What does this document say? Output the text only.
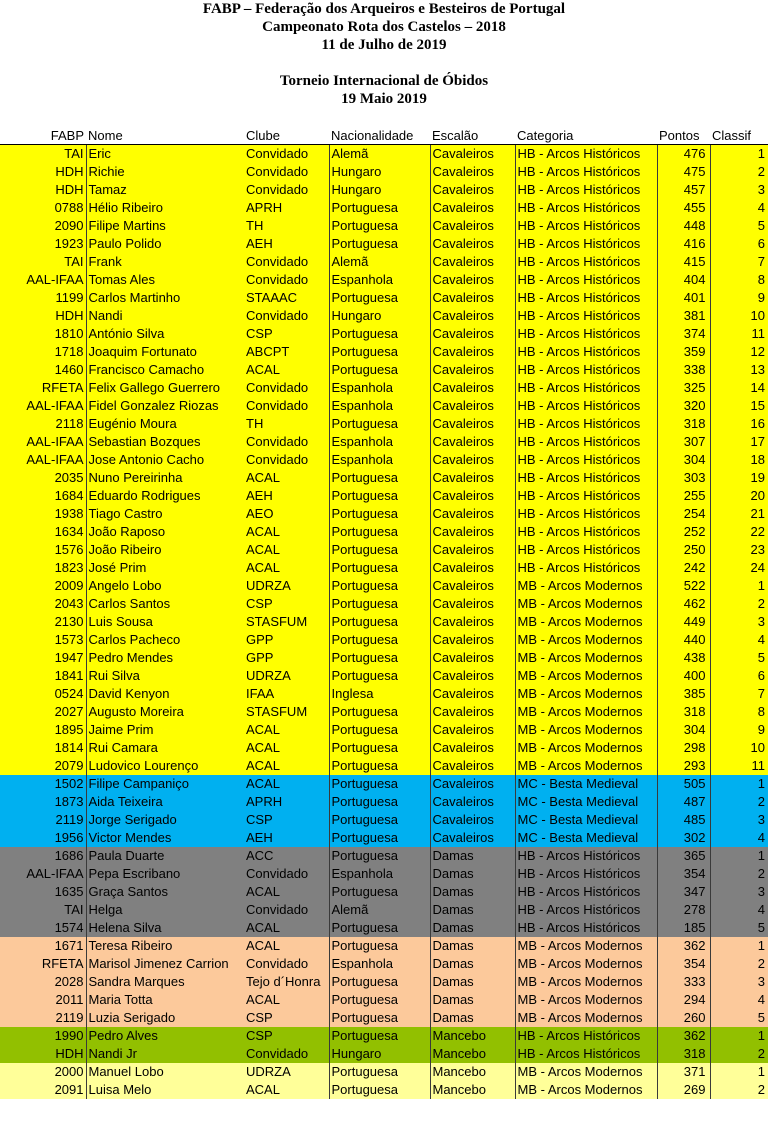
FABP – Federação dos Arqueiros e Besteiros de Portugal
Campeonato Rota dos Castelos – 2018
11 de Julho de 2019
Torneio Internacional de Óbidos
19 Maio 2019
FABP	Nome	Clube	Nacionalidade	Escalão	Categoria	Pontos	Classif
TAI	Eric	Convidado	Alemã	Cavaleiros	HB - Arcos Históricos	476	1
HDH	Richie	Convidado	Hungaro	Cavaleiros	HB - Arcos Históricos	475	2
HDH	Tamaz	Convidado	Hungaro	Cavaleiros	HB - Arcos Históricos	457	3
0788	Hélio Ribeiro	APRH	Portuguesa	Cavaleiros	HB - Arcos Históricos	455	4
2090	Filipe Martins	TH	Portuguesa	Cavaleiros	HB - Arcos Históricos	448	5
1923	Paulo Polido	AEH	Portuguesa	Cavaleiros	HB - Arcos Históricos	416	6
TAI	Frank	Convidado	Alemã	Cavaleiros	HB - Arcos Históricos	415	7
AAL-IFAA	Tomas Ales	Convidado	Espanhola	Cavaleiros	HB - Arcos Históricos	404	8
1199	Carlos Martinho	STAAAC	Portuguesa	Cavaleiros	HB - Arcos Históricos	401	9
HDH	Nandi	Convidado	Hungaro	Cavaleiros	HB - Arcos Históricos	381	10
1810	António Silva	CSP	Portuguesa	Cavaleiros	HB - Arcos Históricos	374	11
1718	Joaquim Fortunato	ABCPT	Portuguesa	Cavaleiros	HB - Arcos Históricos	359	12
1460	Francisco Camacho	ACAL	Portuguesa	Cavaleiros	HB - Arcos Históricos	338	13
RFETA	Felix Gallego Guerrero	Convidado	Espanhola	Cavaleiros	HB - Arcos Históricos	325	14
AAL-IFAA	Fidel Gonzalez Riozas	Convidado	Espanhola	Cavaleiros	HB - Arcos Históricos	320	15
2118	Eugénio Moura	TH	Portuguesa	Cavaleiros	HB - Arcos Históricos	318	16
AAL-IFAA	Sebastian Bozques	Convidado	Espanhola	Cavaleiros	HB - Arcos Históricos	307	17
AAL-IFAA	Jose Antonio Cacho	Convidado	Espanhola	Cavaleiros	HB - Arcos Históricos	304	18
2035	Nuno Pereirinha	ACAL	Portuguesa	Cavaleiros	HB - Arcos Históricos	303	19
1684	Eduardo Rodrigues	AEH	Portuguesa	Cavaleiros	HB - Arcos Históricos	255	20
1938	Tiago Castro	AEO	Portuguesa	Cavaleiros	HB - Arcos Históricos	254	21
1634	João Raposo	ACAL	Portuguesa	Cavaleiros	HB - Arcos Históricos	252	22
1576	João Ribeiro	ACAL	Portuguesa	Cavaleiros	HB - Arcos Históricos	250	23
1823	José Prim	ACAL	Portuguesa	Cavaleiros	HB - Arcos Históricos	242	24
2009	Angelo Lobo	UDRZA	Portuguesa	Cavaleiros	MB - Arcos Modernos	522	1
2043	Carlos Santos	CSP	Portuguesa	Cavaleiros	MB - Arcos Modernos	462	2
2130	Luis Sousa	STASFUM	Portuguesa	Cavaleiros	MB - Arcos Modernos	449	3
1573	Carlos Pacheco	GPP	Portuguesa	Cavaleiros	MB - Arcos Modernos	440	4
1947	Pedro Mendes	GPP	Portuguesa	Cavaleiros	MB - Arcos Modernos	438	5
1841	Rui Silva	UDRZA	Portuguesa	Cavaleiros	MB - Arcos Modernos	400	6
0524	David Kenyon	IFAA	Inglesa	Cavaleiros	MB - Arcos Modernos	385	7
2027	Augusto Moreira	STASFUM	Portuguesa	Cavaleiros	MB - Arcos Modernos	318	8
1895	Jaime Prim	ACAL	Portuguesa	Cavaleiros	MB - Arcos Modernos	304	9
1814	Rui Camara	ACAL	Portuguesa	Cavaleiros	MB - Arcos Modernos	298	10
2079	Ludovico Lourenço	ACAL	Portuguesa	Cavaleiros	MB - Arcos Modernos	293	11
1502	Filipe Campaniço	ACAL	Portuguesa	Cavaleiros	MC - Besta Medieval	505	1
1873	Aida Teixeira	APRH	Portuguesa	Cavaleiros	MC - Besta Medieval	487	2
2119	Jorge Serigado	CSP	Portuguesa	Cavaleiros	MC - Besta Medieval	485	3
1956	Victor Mendes	AEH	Portuguesa	Cavaleiros	MC - Besta Medieval	302	4
1686	Paula Duarte	ACC	Portuguesa	Damas	HB - Arcos Históricos	365	1
AAL-IFAA	Pepa Escribano	Convidado	Espanhola	Damas	HB - Arcos Históricos	354	2
1635	Graça Santos	ACAL	Portuguesa	Damas	HB - Arcos Históricos	347	3
TAI	Helga	Convidado	Alemã	Damas	HB - Arcos Históricos	278	4
1574	Helena Silva	ACAL	Portuguesa	Damas	HB - Arcos Históricos	185	5
1671	Teresa Ribeiro	ACAL	Portuguesa	Damas	MB - Arcos Modernos	362	1
RFETA	Marisol Jimenez Carrion	Convidado	Espanhola	Damas	MB - Arcos Modernos	354	2
2028	Sandra Marques	Tejo d´Honra	Portuguesa	Damas	MB - Arcos Modernos	333	3
2011	Maria Totta	ACAL	Portuguesa	Damas	MB - Arcos Modernos	294	4
2119	Luzia Serigado	CSP	Portuguesa	Damas	MB - Arcos Modernos	260	5
1990	Pedro Alves	CSP	Portuguesa	Mancebo	HB - Arcos Históricos	362	1
HDH	Nandi Jr	Convidado	Hungaro	Mancebo	HB - Arcos Históricos	318	2
2000	Manuel Lobo	UDRZA	Portuguesa	Mancebo	MB - Arcos Modernos	371	1
2091	Luisa Melo	ACAL	Portuguesa	Mancebo	MB - Arcos Modernos	269	2
